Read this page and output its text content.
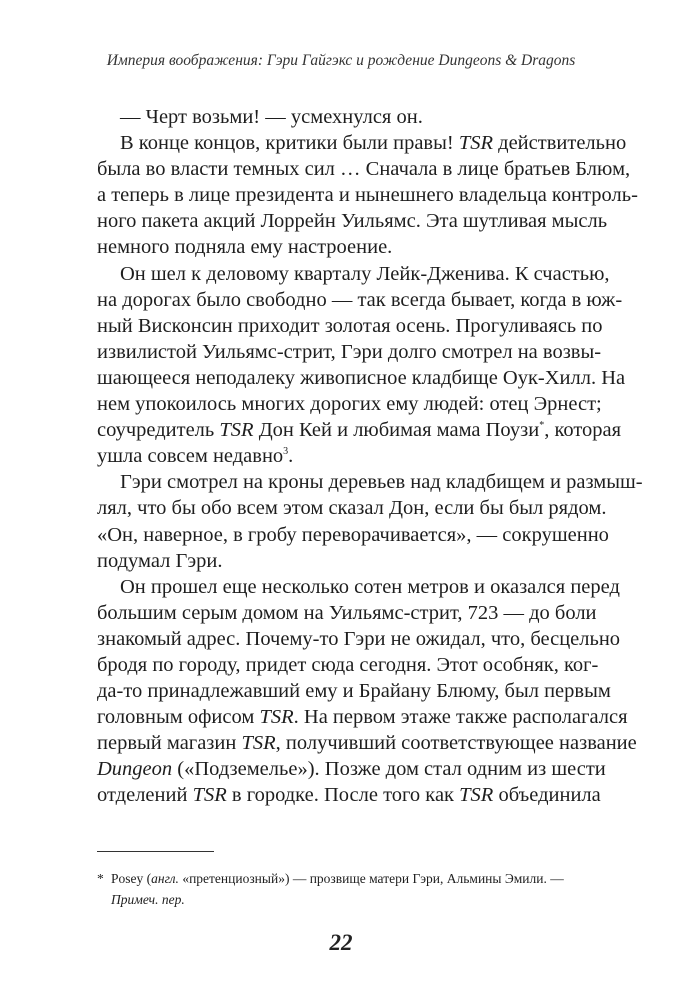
Империя воображения: Гэри Гайгэкс и рождение Dungeons & Dragons
— Черт возьми! — усмехнулся он.
В конце концов, критики были правы! TSR действительно
была во власти темных сил … Сначала в лице братьев Блюм,
а теперь в лице президента и нынешнего владельца контроль-
ного пакета акций Лоррейн Уильямс. Эта шутливая мысль
немного подняла ему настроение.
Он шел к деловому кварталу Лейк-Дженива. К счастью,
на дорогах было свободно — так всегда бывает, когда в юж-
ный Висконсин приходит золотая осень. Прогуливаясь по
извилистой Уильямс-стрит, Гэри долго смотрел на возвы-
шающееся неподалеку живописное кладбище Оук-Хилл. На
нем упокоилось многих дорогих ему людей: отец Эрнест;
соучредитель TSR Дон Кей и любимая мама Поузи*, которая
ушла совсем недавно$^3$.
Гэри смотрел на кроны деревьев над кладбищем и размыш-
лял, что бы обо всем этом сказал Дон, если бы был рядом.
«Он, наверное, в гробу переворачивается», — сокрушенно
подумал Гэри.
Он прошел еще несколько сотен метров и оказался перед
большим серым домом на Уильямс-стрит, 723 — до боли
знакомый адрес. Почему-то Гэри не ожидал, что, бесцельно
бродя по городу, придет сюда сегодня. Этот особняк, ког-
да-то принадлежавший ему и Брайану Блюму, был первым
головным офисом TSR. На первом этаже также располагался
первый магазин TSR, получивший соответствующее название
Dungeon («Подземелье»). Позже дом стал одним из шести
отделений TSR в городке. После того как TSR объединила
* Posey (англ. «претенциозный») — прозвище матери Гэри, Альмины Эмили. —
Примеч. пер.
22
